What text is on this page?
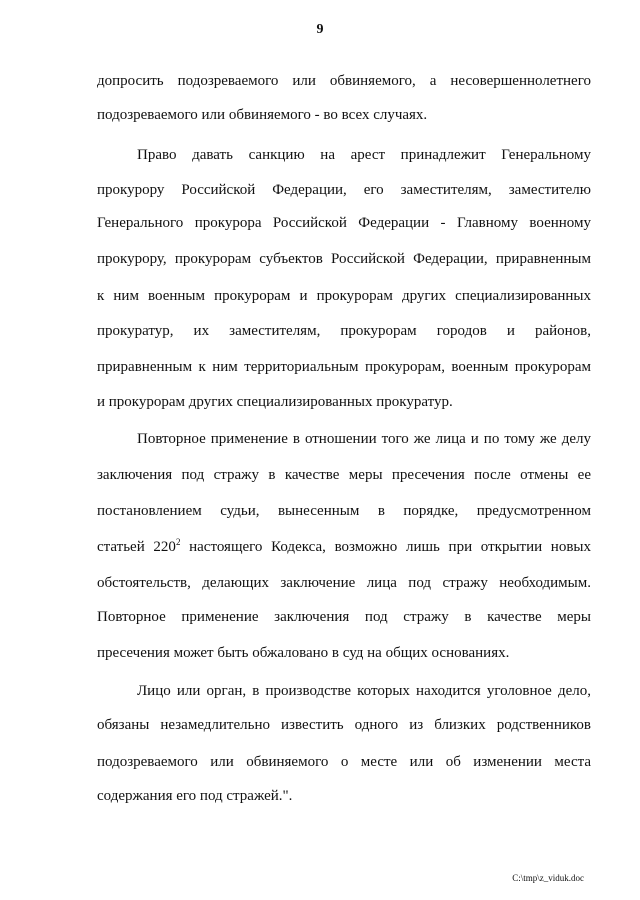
9
допросить подозреваемого или обвиняемого, а несовершеннолетнего
подозреваемого или обвиняемого - во всех случаях.
Право давать санкцию на арест принадлежит Генеральному
прокурору Российской Федерации, его заместителям, заместителю
Генерального прокурора Российской Федерации - Главному военному
прокурору, прокурорам субъектов Российской Федерации, приравненным
к ним военным прокурорам и прокурорам других специализированных
прокуратур, их заместителям, прокурорам городов и районов,
приравненным к ним территориальным прокурорам, военным прокурорам
и прокурорам других специализированных прокуратур.
Повторное применение в отношении того же лица и по тому же делу
заключения под стражу в качестве меры пресечения после отмены ее
постановлением судьи, вынесенным в порядке, предусмотренном
статьей $220^2$ настоящего Кодекса, возможно лишь при открытии новых
обстоятельств, делающих заключение лица под стражу необходимым.
Повторное применение заключения под стражу в качестве меры
пресечения может быть обжаловано в суд на общих основаниях.
Лицо или орган, в производстве которых находится уголовное дело,
обязаны незамедлительно известить одного из близких родственников
подозреваемого или обвиняемого о месте или об изменении места
содержания его под стражей.".
C:\tmp\z_viduk.doc
